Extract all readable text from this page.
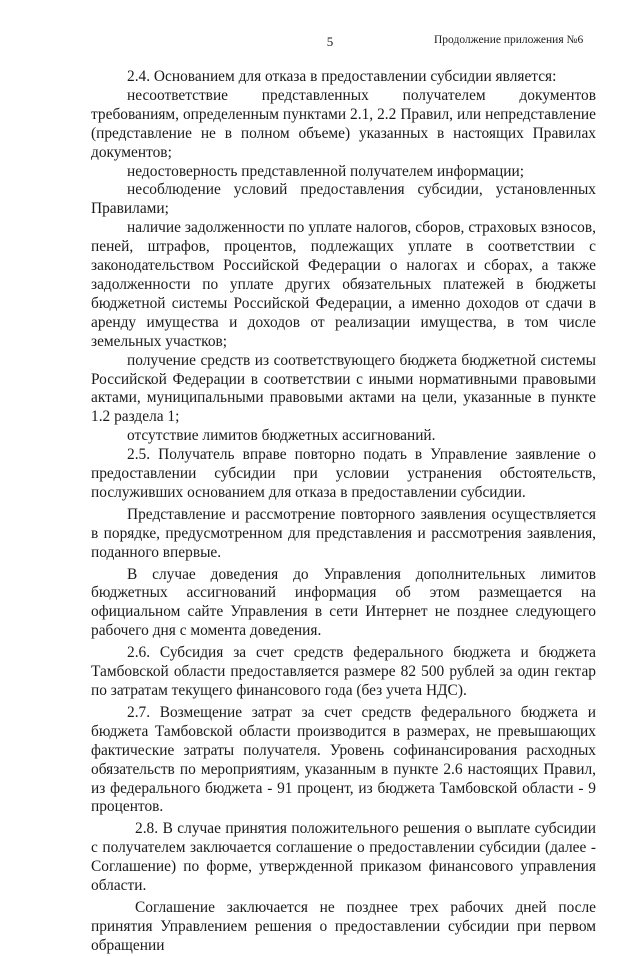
5	Продолжение приложения №6

2.4. Основанием для отказа в предоставлении субсидии является:

несоответствие представленных получателем документов требованиям, определенным пунктами 2.1, 2.2 Правил, или непредставление (представление не в полном объеме) указанных в настоящих Правилах документов;

недостоверность представленной получателем информации;

несоблюдение условий предоставления субсидии, установленных Правилами;

наличие задолженности по уплате налогов, сборов, страховых взносов, пеней, штрафов, процентов, подлежащих уплате в соответствии с законодательством Российской Федерации о налогах и сборах, а также задолженности по уплате других обязательных платежей в бюджеты бюджетной системы Российской Федерации, а именно доходов от сдачи в аренду имущества и доходов от реализации имущества, в том числе земельных участков;

получение средств из соответствующего бюджета бюджетной системы Российской Федерации в соответствии с иными нормативными правовыми актами, муниципальными правовыми актами на цели, указанные в пункте 1.2 раздела 1;

отсутствие лимитов бюджетных ассигнований.

2.5. Получатель вправе повторно подать в Управление заявление о предоставлении субсидии при условии устранения обстоятельств, послуживших основанием для отказа в предоставлении субсидии.

Представление и рассмотрение повторного заявления осуществляется в порядке, предусмотренном для представления и рассмотрения заявления, поданного впервые.

В случае доведения до Управления дополнительных лимитов бюджетных ассигнований информация об этом размещается на официальном сайте Управления в сети Интернет не позднее следующего рабочего дня с момента доведения.

2.6. Субсидия за счет средств федерального бюджета и бюджета Тамбовской области предоставляется размере 82 500 рублей за один гектар по затратам текущего финансового года (без учета НДС).

2.7. Возмещение затрат за счет средств федерального бюджета и бюджета Тамбовской области производится в размерах, не превышающих фактические затраты получателя. Уровень софинансирования расходных обязательств по мероприятиям, указанным в пункте 2.6 настоящих Правил, из федерального бюджета - 91 процент, из бюджета Тамбовской области - 9 процентов.

2.8. В случае принятия положительного решения о выплате субсидии с получателем заключается соглашение о предоставлении субсидии (далее - Соглашение) по форме, утвержденной приказом финансового управления области.

Соглашение заключается не позднее трех рабочих дней после принятия Управлением решения о предоставлении субсидии при первом обращении
